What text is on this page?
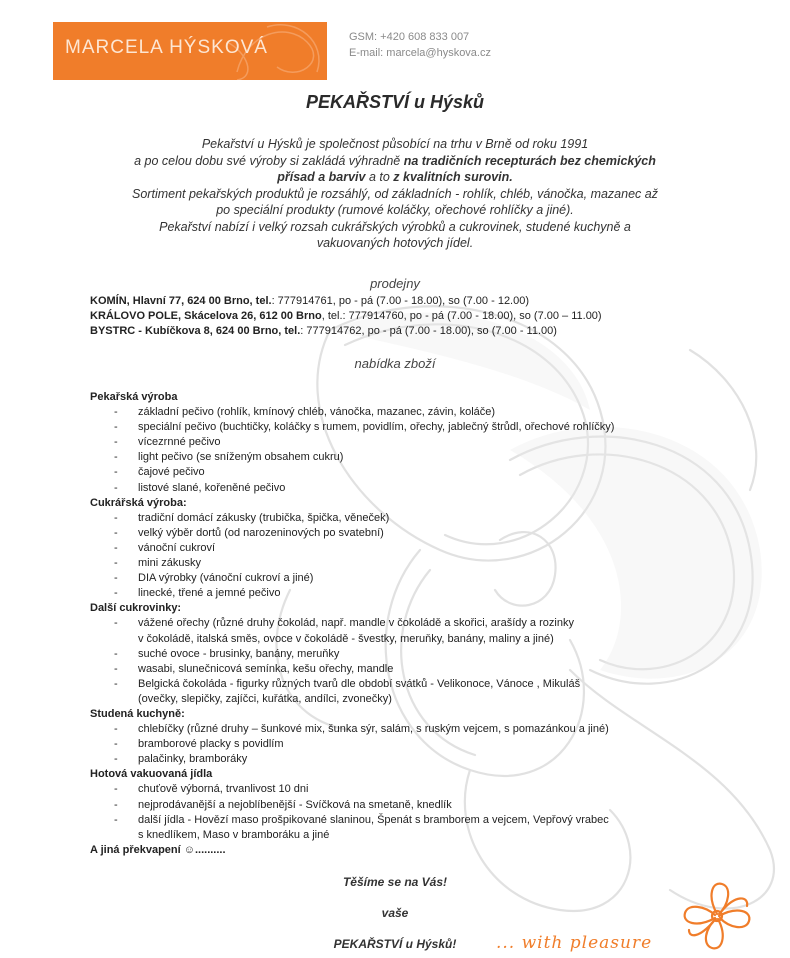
MARCELA HÝSKOVÁ	GSM: +420 608 833 007
E-mail: marcela@hyskova.cz
PEKAŘSTVÍ u Hýsků
Pekařství u Hýsků je společnost působící na trhu v Brně od roku 1991
a po celou dobu své výroby si zakládá výhradně na tradičních recepturách bez chemických
přísad a barviv a to z kvalitních surovin.
Sortiment pekařských produktů je rozsáhlý, od základních - rohlík, chléb, vánočka, mazanec až
po speciální produkty (rumové koláčky, ořechové rohlíčky a jiné).
Pekařství nabízí i velký rozsah cukrářských výrobků a cukrovinek, studené kuchyně a
vakuovaných hotových jídel.
prodejny
KOMÍN, Hlavní 77, 624 00 Brno, tel.: 777914761, po - pá (7.00 - 18.00), so (7.00 - 12.00)
KRÁLOVO POLE, Skácelova 26, 612 00 Brno, tel.: 777914760, po - pá (7.00 - 18.00), so (7.00 – 11.00)
BYSTRC - Kubíčkova 8, 624 00 Brno, tel.: 777914762, po - pá (7.00 - 18.00), so (7.00 - 11.00)
nabídka zboží
Pekařská výroba
- základní pečivo (rohlík, kmínový chléb, vánočka, mazanec, závin, koláče)
- speciální pečivo (buchtičky, koláčky s rumem, povidlím, ořechy, jablečný štrůdl, ořechové rohlíčky)
- vícezrnné pečivo
- light pečivo (se sníženým obsahem cukru)
- čajové pečivo
- listové slané, kořeněné pečivo
Cukrářská výroba:
- tradiční domácí zákusky (trubička, špička, věneček)
- velký výběr dortů (od narozeninových po svatební)
- vánoční cukroví
- mini zákusky
- DIA výrobky (vánoční cukroví a jiné)
- linecké, třené a jemné pečivo
Další cukrovinky:
- vážené ořechy (různé druhy čokolád, např. mandle v čokoládě a skořici, arašídy a rozinky
v čokoládě, italská směs, ovoce v čokoládě - švestky, meruňky, banány, maliny a jiné)
- suché ovoce - brusinky, banány, meruňky
- wasabi, slunečnicová semínka, kešu ořechy, mandle
- Belgická čokoláda - figurky různých tvarů dle období svátků - Velikonoce, Vánoce , Mikuláš
(ovečky, slepičky, zajíčci, kuřátka, andílci, zvonečky)
Studená kuchyně:
- chlebíčky (různé druhy – šunkové mix, šunka sýr, salám, s ruským vejcem, s pomazánkou a jiné)
- bramborové placky s povidlím
- palačinky, bramboráky
Hotová vakuovaná jídla
- chuťově výborná, trvanlivost 10 dni
- nejprodávanější a nejoblíbenější - Svíčková na smetaně, knedlík
- další jídla - Hovězí maso prošpikované slaninou, Špenát s bramborem a vejcem, Vepřový vrabec
s knedlíkem, Maso v bramboráku a jiné
A jiná překvapení ☺..........
Těšíme se na Vás!
vaše
PEKAŘSTVÍ u Hýsků!	... with pleasure
